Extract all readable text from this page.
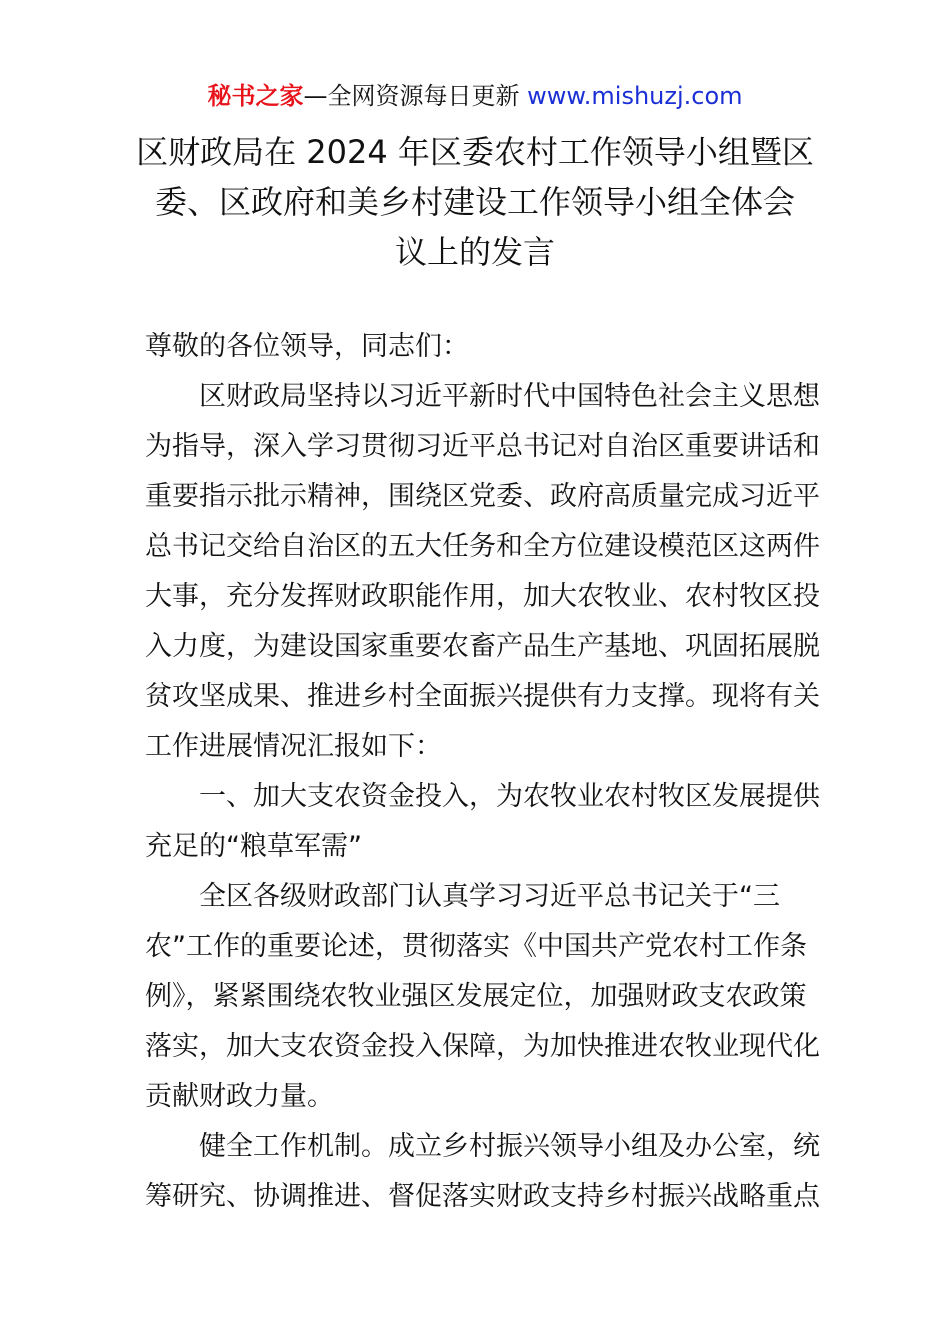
秘书之家—全网资源每日更新 www.mishuzj.com
区财政局在 2024 年区委农村工作领导小组暨区
委、区政府和美乡村建设工作领导小组全体会
议上的发言
尊敬的各位领导，同志们：
区财政局坚持以习近平新时代中国特色社会主义思想
为指导，深入学习贯彻习近平总书记对自治区重要讲话和
重要指示批示精神，围绕区党委、政府高质量完成习近平
总书记交给自治区的五大任务和全方位建设模范区这两件
大事，充分发挥财政职能作用，加大农牧业、农村牧区投
入力度，为建设国家重要农畜产品生产基地、巩固拓展脱
贫攻坚成果、推进乡村全面振兴提供有力支撑。现将有关
工作进展情况汇报如下：
一、加大支农资金投入，为农牧业农村牧区发展提供
充足的“粮草军需”
全区各级财政部门认真学习习近平总书记关于“三
农”工作的重要论述，贯彻落实《中国共产党农村工作条
例》，紧紧围绕农牧业强区发展定位，加强财政支农政策
落实，加大支农资金投入保障，为加快推进农牧业现代化
贡献财政力量。
健全工作机制。成立乡村振兴领导小组及办公室，统
筹研究、协调推进、督促落实财政支持乡村振兴战略重点
